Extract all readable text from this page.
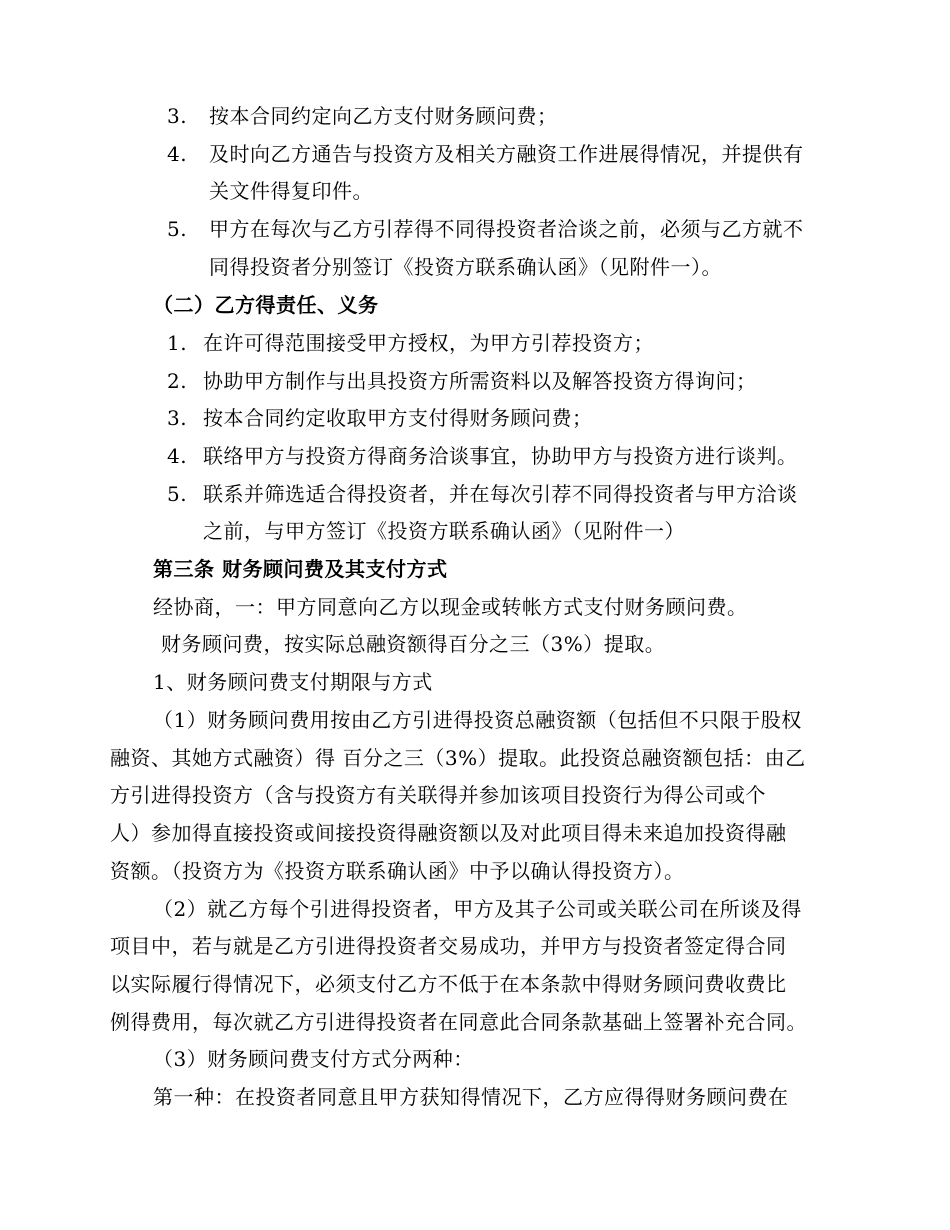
3. 按本合同约定向乙方支付财务顾问费；
4. 及时向乙方通告与投资方及相关方融资工作进展得情况，并提供有
关文件得复印件。
5. 甲方在每次与乙方引荐得不同得投资者洽谈之前，必须与乙方就不
同得投资者分别签订《投资方联系确认函》（见附件一）。
（二）乙方得责任、义务
1. 在许可得范围接受甲方授权，为甲方引荐投资方；
2. 协助甲方制作与出具投资方所需资料以及解答投资方得询问；
3. 按本合同约定收取甲方支付得财务顾问费；
4. 联络甲方与投资方得商务洽谈事宜，协助甲方与投资方进行谈判。
5. 联系并筛选适合得投资者，并在每次引荐不同得投资者与甲方洽谈
之前，与甲方签订《投资方联系确认函》（见附件一）
第三条 财务顾问费及其支付方式
经协商，一：甲方同意向乙方以现金或转帐方式支付财务顾问费。
财务顾问费，按实际总融资额得百分之三（3%）提取。
1、财务顾问费支付期限与方式
（1）财务顾问费用按由乙方引进得投资总融资额（包括但不只限于股权
融资、其她方式融资）得 百分之三（3%）提取。此投资总融资额包括：由乙
方引进得投资方（含与投资方有关联得并参加该项目投资行为得公司或个
人）参加得直接投资或间接投资得融资额以及对此项目得未来追加投资得融
资额。（投资方为《投资方联系确认函》中予以确认得投资方）。
（2）就乙方每个引进得投资者，甲方及其子公司或关联公司在所谈及得
项目中，若与就是乙方引进得投资者交易成功，并甲方与投资者签定得合同
以实际履行得情况下，必须支付乙方不低于在本条款中得财务顾问费收费比
例得费用，每次就乙方引进得投资者在同意此合同条款基础上签署补充合同。
（3）财务顾问费支付方式分两种：
第一种：在投资者同意且甲方获知得情况下，乙方应得得财务顾问费在
